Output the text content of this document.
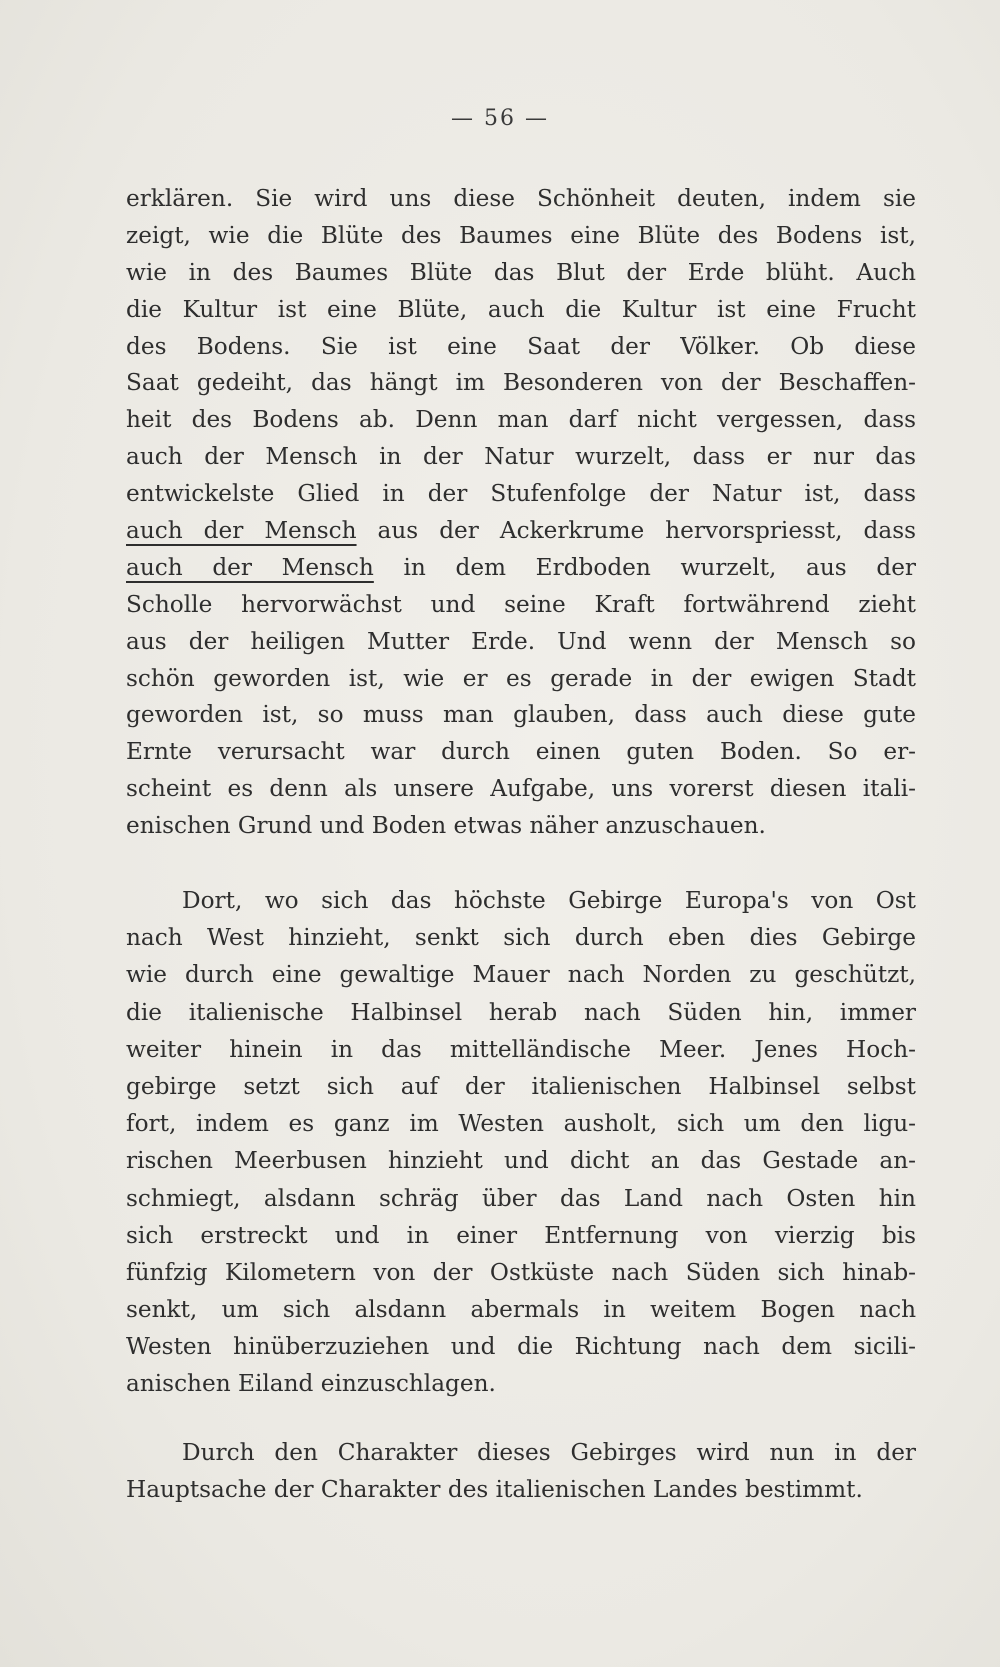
— 56 —
erklären. Sie wird uns diese Schönheit deuten, indem sie
zeigt, wie die Blüte des Baumes eine Blüte des Bodens ist,
wie in des Baumes Blüte das Blut der Erde blüht. Auch
die Kultur ist eine Blüte, auch die Kultur ist eine Frucht
des Bodens. Sie ist eine Saat der Völker. Ob diese
Saat gedeiht, das hängt im Besonderen von der Beschaffen-
heit des Bodens ab. Denn man darf nicht vergessen, dass
auch der Mensch in der Natur wurzelt, dass er nur das
entwickelste Glied in der Stufenfolge der Natur ist, dass
auch der Mensch aus der Ackerkrume hervorspriesst, dass
auch der Mensch in dem Erdboden wurzelt, aus der
Scholle hervorwächst und seine Kraft fortwährend zieht
aus der heiligen Mutter Erde. Und wenn der Mensch so
schön geworden ist, wie er es gerade in der ewigen Stadt
geworden ist, so muss man glauben, dass auch diese gute
Ernte verursacht war durch einen guten Boden. So er-
scheint es denn als unsere Aufgabe, uns vorerst diesen itali-
enischen Grund und Boden etwas näher anzuschauen.
Dort, wo sich das höchste Gebirge Europa's von Ost
nach West hinzieht, senkt sich durch eben dies Gebirge
wie durch eine gewaltige Mauer nach Norden zu geschützt,
die italienische Halbinsel herab nach Süden hin, immer
weiter hinein in das mittelländische Meer. Jenes Hoch-
gebirge setzt sich auf der italienischen Halbinsel selbst
fort, indem es ganz im Westen ausholt, sich um den ligu-
rischen Meerbusen hinzieht und dicht an das Gestade an-
schmiegt, alsdann schräg über das Land nach Osten hin
sich erstreckt und in einer Entfernung von vierzig bis
fünfzig Kilometern von der Ostküste nach Süden sich hinab-
senkt, um sich alsdann abermals in weitem Bogen nach
Westen hinüberzuziehen und die Richtung nach dem sicili-
anischen Eiland einzuschlagen.
Durch den Charakter dieses Gebirges wird nun in der
Hauptsache der Charakter des italienischen Landes bestimmt.
